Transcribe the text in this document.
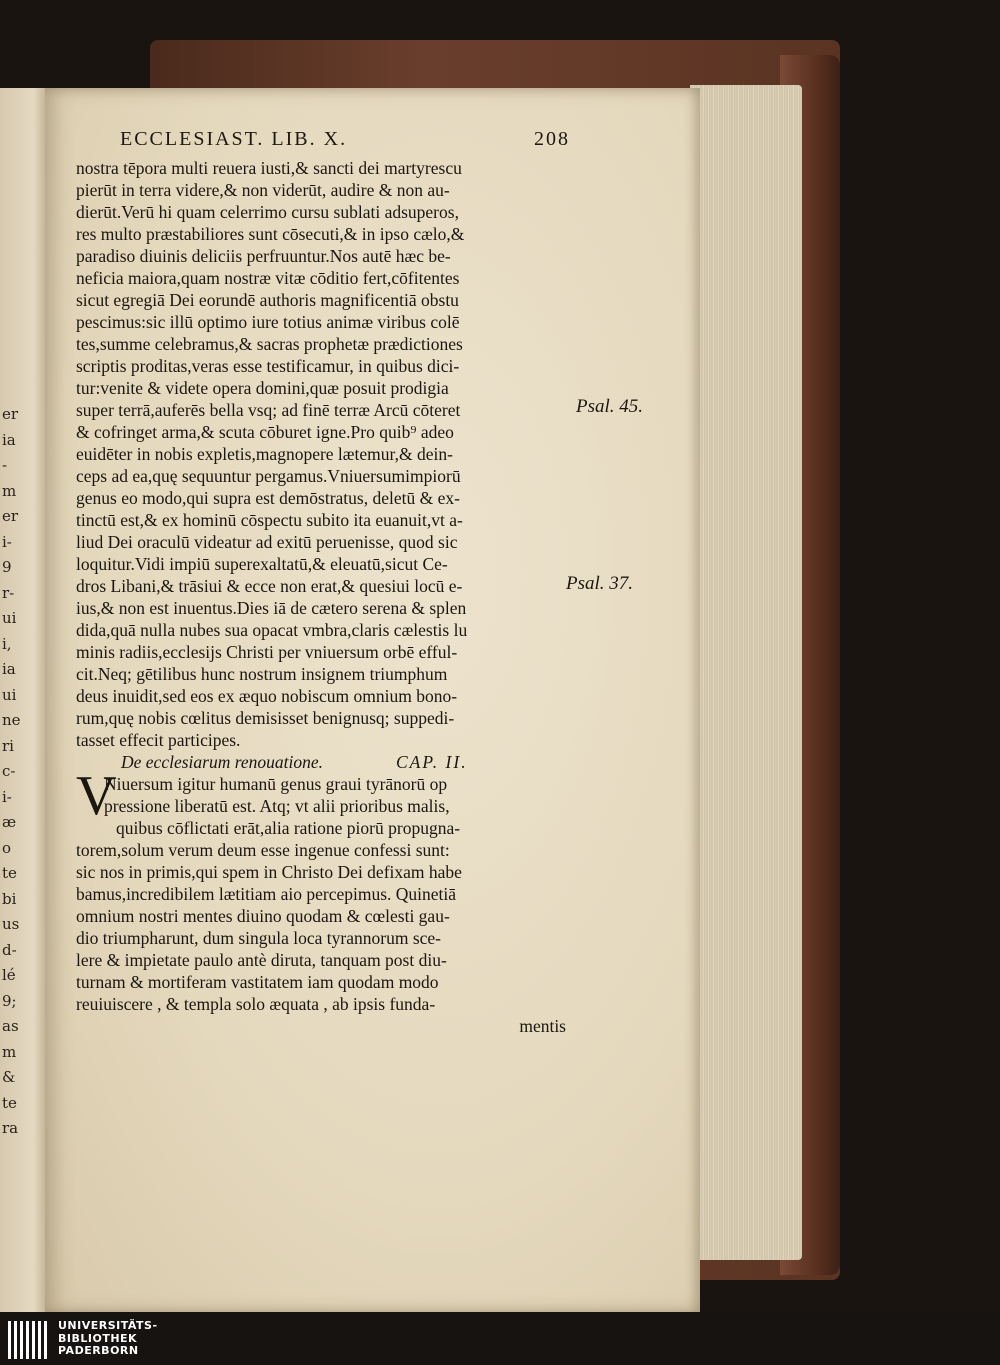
er
ia
-
m
er
i-
9
r-
ui
i,
ia
ui
ne
ri
c-
i-
æ
o
te
bi
us
d-
lé
9;
as
m
&
te
ra
ECCLESIAST. LIB. X.	208
nostra tēpora multi reuera iusti,& sancti dei martyrescu
pierūt in terra videre,& non viderūt, audire & non au-
dierūt.Verū hi quam celerrimo cursu sublati adsuperos,
res multo præstabiliores sunt cōsecuti,& in ipso cælo,&
paradiso diuinis deliciis perfruuntur.Nos autē hæc be-
neficia maiora,quam nostræ vitæ cōditio fert,cōfitentes
sicut egregiā Dei eorundē authoris magnificentiā obstu
pescimus:sic illū optimo iure totius animæ viribus colē
tes,summe celebramus,& sacras prophetæ prædictiones
scriptis proditas,veras esse testificamur, in quibus dici-
tur:venite & videte opera domini,quæ posuit prodigia
super terrā,auferēs bella vsq; ad finē terræ Arcū cōteret
& cofringet arma,& scuta cōburet igne.Pro quib⁹ adeo
euidēter in nobis expletis,magnopere lætemur,& dein-
ceps ad ea,quę sequuntur pergamus.Vniuersumimpiorū
genus eo modo,qui supra est demōstratus, deletū & ex-
tinctū est,& ex hominū cōspectu subito ita euanuit,vt a-
liud Dei oraculū videatur ad exitū peruenisse, quod sic
loquitur.Vidi impiū superexaltatū,& eleuatū,sicut Ce-
dros Libani,& trāsiui & ecce non erat,& quesiui locū e-
ius,& non est inuentus.Dies iā de cætero serena & splen
dida,quā nulla nubes sua opacat vmbra,claris cælestis lu
minis radiis,ecclesijs Christi per vniuersum orbē efful-
cit.Neq; gētilibus hunc nostrum insignem triumphum
deus inuidit,sed eos ex æquo nobiscum omnium bono-
rum,quę nobis cœlitus demisisset benignusq; suppedi-
tasset effecit participes.
De ecclesiarum renouatione.	CAP. II.
V
Niuersum igitur humanū genus graui tyrānorū op
pressione liberatū est. Atq; vt alii prioribus malis,
quibus cōflictati erāt,alia ratione piorū propugna-
torem,solum verum deum esse ingenue confessi sunt:
sic nos in primis,qui spem in Christo Dei defixam habe
bamus,incredibilem lætitiam aio percepimus. Quinetiā
omnium nostri mentes diuino quodam & cœlesti gau-
dio triumpharunt, dum singula loca tyrannorum sce-
lere & impietate paulo antè diruta, tanquam post diu-
turnam & mortiferam vastitatem iam quodam modo
reuiuiscere , & templa solo æquata , ab ipsis funda-
mentis
Psal. 45.
Psal. 37.
UNIVERSITÄTS-
BIBLIOTHEK
PADERBORN
